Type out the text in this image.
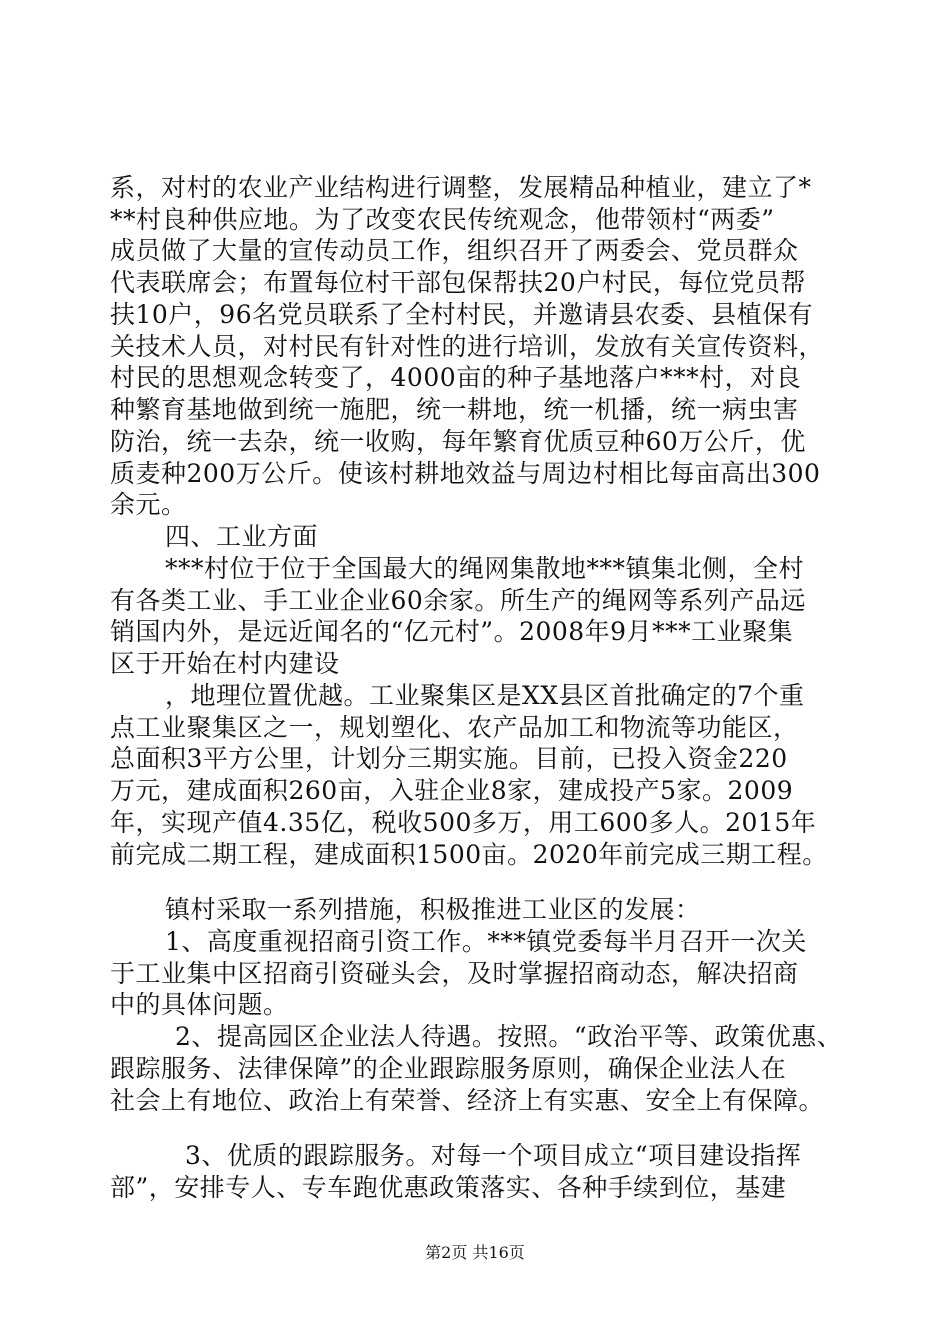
系，对村的农业产业结构进行调整，发展精品种植业，建立了*
**村良种供应地。为了改变农民传统观念，他带领村“两委”
成员做了大量的宣传动员工作，组织召开了两委会、党员群众
代表联席会；布置每位村干部包保帮扶20户村民，每位党员帮
扶10户，96名党员联系了全村村民，并邀请县农委、县植保有
关技术人员，对村民有针对性的进行培训，发放有关宣传资料，
村民的思想观念转变了，4000亩的种子基地落户***村，对良
种繁育基地做到统一施肥，统一耕地，统一机播，统一病虫害
防治，统一去杂，统一收购，每年繁育优质豆种60万公斤，优
质麦种200万公斤。使该村耕地效益与周边村相比每亩高出300
余元。
四、工业方面
***村位于位于全国最大的绳网集散地***镇集北侧，全村
有各类工业、手工业企业60余家。所生产的绳网等系列产品远
销国内外，是远近闻名的“亿元村”。2008年9月***工业聚集
区于开始在村内建设
，地理位置优越。工业聚集区是XX县区首批确定的7个重
点工业聚集区之一，规划塑化、农产品加工和物流等功能区，
总面积3平方公里，计划分三期实施。目前，已投入资金220
万元，建成面积260亩，入驻企业8家，建成投产5家。2009
年，实现产值4.35亿，税收500多万，用工600多人。2015年
前完成二期工程，建成面积1500亩。2020年前完成三期工程。
镇村采取一系列措施，积极推进工业区的发展：
1、高度重视招商引资工作。***镇党委每半月召开一次关
于工业集中区招商引资碰头会，及时掌握招商动态，解决招商
中的具体问题。
2、提高园区企业法人待遇。按照。“政治平等、政策优惠、
跟踪服务、法律保障”的企业跟踪服务原则，确保企业法人在
社会上有地位、政治上有荣誉、经济上有实惠、安全上有保障。
3、优质的跟踪服务。对每一个项目成立“项目建设指挥
部”，安排专人、专车跑优惠政策落实、各种手续到位，基建
第2页 共16页
